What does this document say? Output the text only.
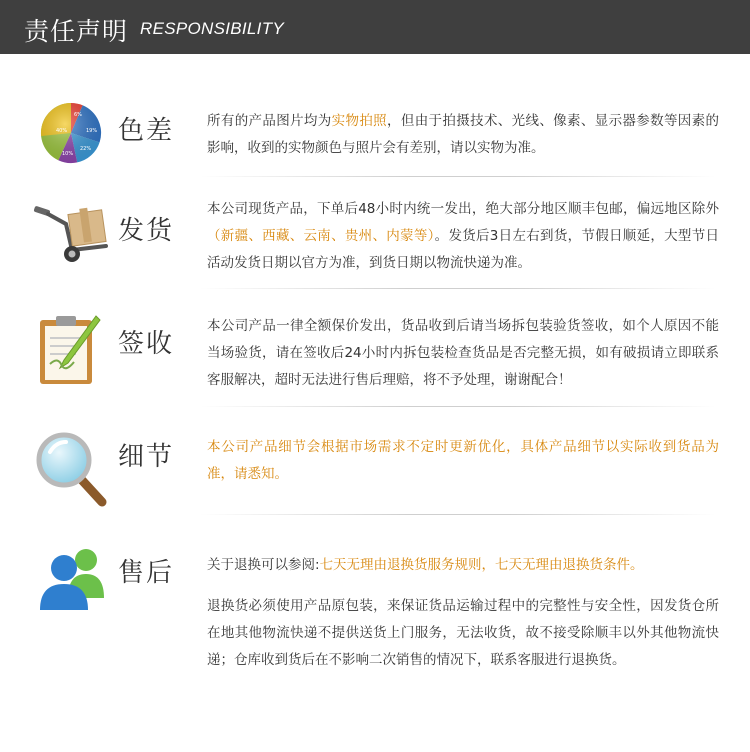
责任声明 RESPONSIBILITY
6%
19%
40%
22%
10%
色差 所有的产品图片均为实物拍照，但由于拍摄技术、光线、像素、显示器参数等因素的影响，收到的实物颜色与照片会有差别，请以实物为准。
发货
本公司现货产品，下单后48小时内统一发出，绝大部分地区顺丰包邮，偏远地区除外（新疆、西藏、云南、贵州、内蒙等）。发货后3日左右到货，节假日顺延，大型节日活动发货日期以官方为准，到货日期以物流快递为准。
签收
本公司产品一律全额保价发出，货品收到后请当场拆包装验货签收，如个人原因不能当场验货，请在签收后24小时内拆包装检查货品是否完整无损，如有破损请立即联系客服解决，超时无法进行售后理赔，将不予处理，谢谢配合！
细节 本公司产品细节会根据市场需求不定时更新优化，具体产品细节以实际收到货品为准，请悉知。
售后 关于退换可以参阅:七天无理由退换货服务规则，七天无理由退换货条件。
退换货必须使用产品原包装，来保证货品运输过程中的完整性与安全性，因发货仓所在地其他物流快递不提供送货上门服务，无法收货，故不接受除顺丰以外其他物流快递；仓库收到货后在不影响二次销售的情况下，联系客服进行退换货。
